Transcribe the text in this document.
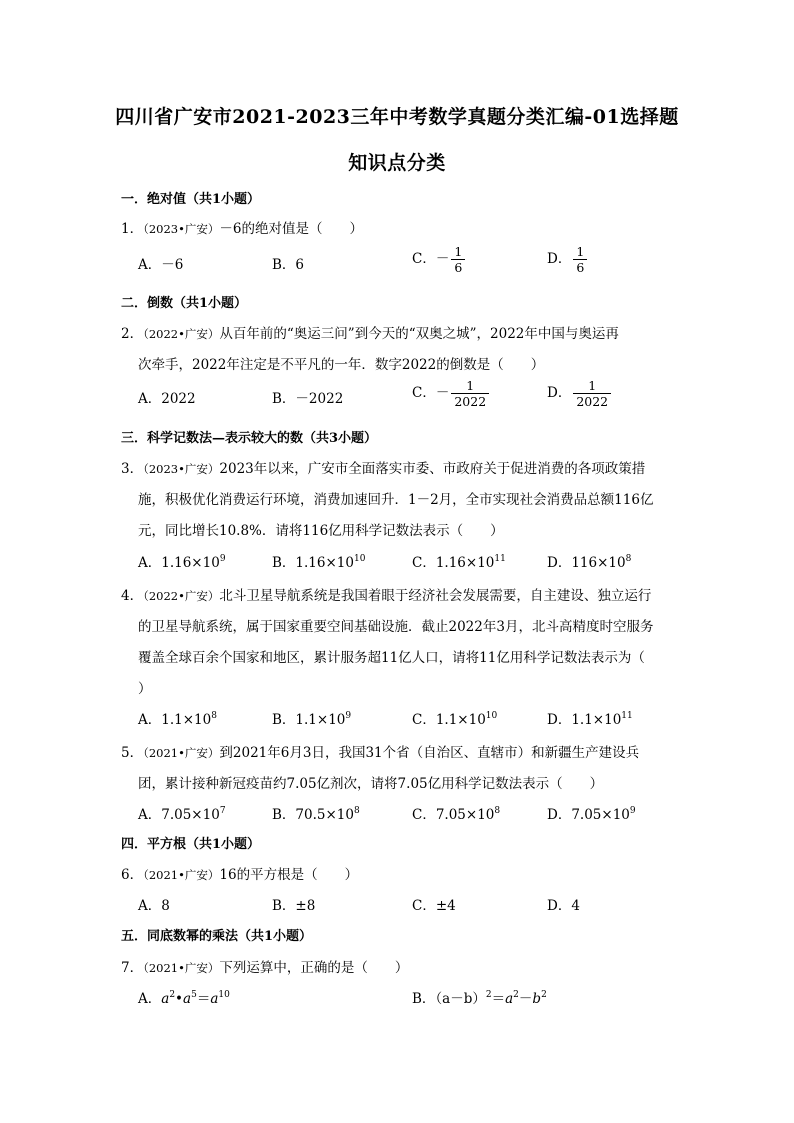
四川省广安市2021-2023三年中考数学真题分类汇编-01选择题
知识点分类
一．绝对值（共1小题）
1．（2023•广安）－6的绝对值是（　　）
A．－6	B．6	C．－ $\frac{1}{6}$	D． $\frac{1}{6}$
二．倒数（共1小题）
2．（2022•广安）从百年前的“奥运三问”到今天的“双奥之城”，2022年中国与奥运再
次牵手，2022年注定是不平凡的一年．数字2022的倒数是（　　）
A．2022	B．－2022	C．－ $\frac{1}{2022}$	D． $\frac{1}{2022}$
三．科学记数法—表示较大的数（共3小题）
3．（2023•广安）2023年以来，广安市全面落实市委、市政府关于促进消费的各项政策措
施，积极优化消费运行环境，消费加速回升．1－2月，全市实现社会消费品总额116亿
元，同比增长10.8%．请将116亿用科学记数法表示（　　）
A．$1.16\times 10^9$	B．$1.16\times 10^{10}$	C．$1.16\times 10^{11}$	D．$116\times 10^8$
4．（2022•广安）北斗卫星导航系统是我国着眼于经济社会发展需要，自主建设、独立运行
的卫星导航系统，属于国家重要空间基础设施．截止2022年3月，北斗高精度时空服务
覆盖全球百余个国家和地区，累计服务超11亿人口，请将11亿用科学记数法表示为（
）
A．$1.1\times 10^8$	B．$1.1\times 10^9$	C．$1.1\times 10^{10}$	D．$1.1\times 10^{11}$
5．（2021•广安）到2021年6月3日，我国31个省（自治区、直辖市）和新疆生产建设兵
团，累计接种新冠疫苗约7.05亿剂次，请将7.05亿用科学记数法表示（　　）
A．$7.05\times 10^7$	B．$70.5\times 10^8$	C．$7.05\times 10^8$	D．$7.05\times 10^9$
四．平方根（共1小题）
6．（2021•广安）16的平方根是（　　）
A．8	B．±8	C．±4	D．4
五．同底数幂的乘法（共1小题）
7．（2021•广安）下列运算中，正确的是（　　）
A．$a^2•a^5=a^{10}$	B．$(a-b)^2=a^2-b^2$
